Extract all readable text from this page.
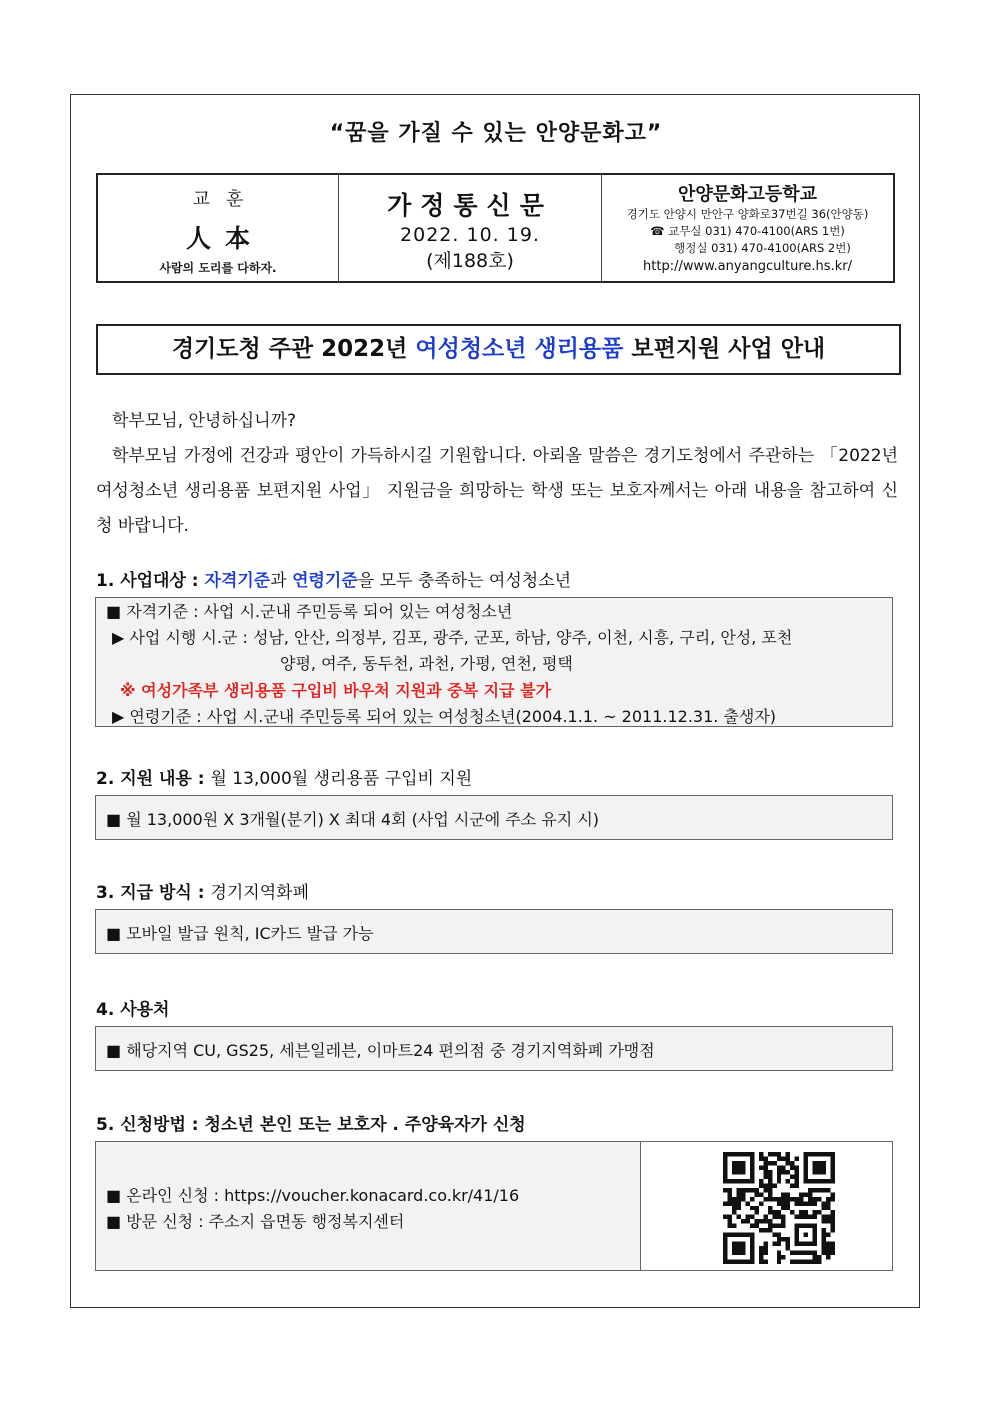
“꿈을 가질 수 있는 안양문화고”
교훈
人本
사람의 도리를 다하자.
가정통신문
2022. 10. 19.
(제188호)
안양문화고등학교
경기도 안양시 만안구 양화로37번길 36(안양동)
☎ 교무실 031) 470-4100(ARS 1번)
행정실 031) 470-4100(ARS 2번)
http://www.anyangculture.hs.kr/
경기도청 주관 2022년 여성청소년 생리용품 보편지원 사업 안내

학부모님, 안녕하십니까?

학부모님 가정에 건강과 평안이 가득하시길 기원합니다. 아뢰올 말씀은 경기도청에서 주관하는 「2022년 여성청소년 생리용품 보편지원 사업」 지원금을 희망하는 학생 또는 보호자께서는 아래 내용을 참고하여 신청 바랍니다.

1. 사업대상 : 자격기준과 연령기준을 모두 충족하는 여성청소년
■ 자격기준 : 사업 시.군내 주민등록 되어 있는 여성청소년
▶ 사업 시행 시.군 : 성남, 안산, 의정부, 김포, 광주, 군포, 하남, 양주, 이천, 시흥, 구리, 안성, 포천
양평, 여주, 동두천, 과천, 가평, 연천, 평택
※ 여성가족부 생리용품 구입비 바우처 지원과 중복 지급 불가
▶ 연령기준 : 사업 시.군내 주민등록 되어 있는 여성청소년(2004.1.1. ~ 2011.12.31. 출생자)
2. 지원 내용 : 월 13,000월 생리용품 구입비 지원
■ 월 13,000원 X 3개월(분기) X 최대 4회 (사업 시군에 주소 유지 시)
3. 지급 방식 : 경기지역화폐
■ 모바일 발급 원칙, IC카드 발급 가능
4. 사용처
■ 해당지역 CU, GS25, 세븐일레븐, 이마트24 편의점 중 경기지역화폐 가맹점
5. 신청방법 : 청소년 본인 또는 보호자 . 주양육자가 신청
■ 온라인 신청 : https://voucher.konacard.co.kr/41/16
■ 방문 신청 : 주소지 읍면동 행정복지센터
